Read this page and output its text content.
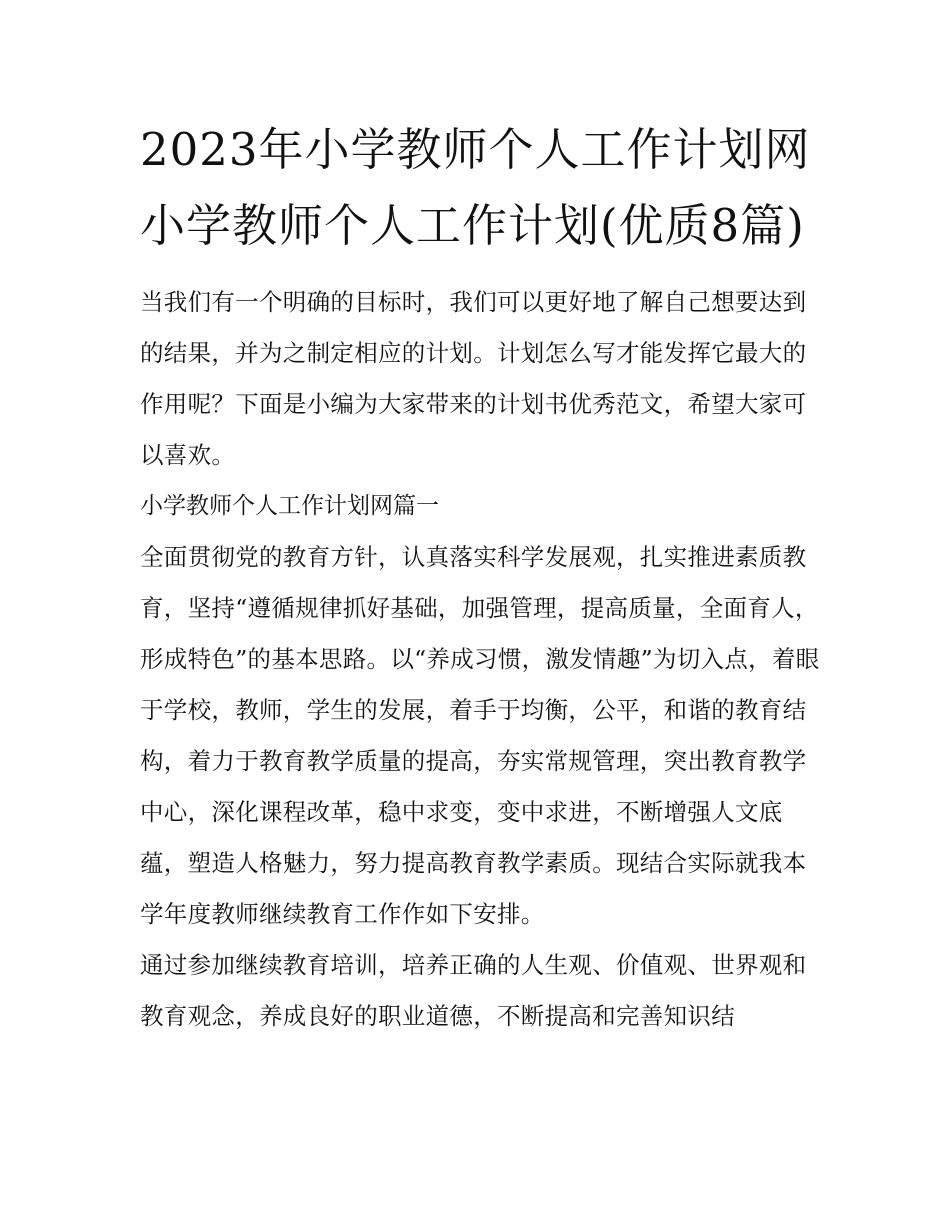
2023年小学教师个人工作计划网 小学教师个人工作计划(优质8篇)

当我们有一个明确的目标时，我们可以更好地了解自己想要达到的结果，并为之制定相应的计划。计划怎么写才能发挥它最大的作用呢？下面是小编为大家带来的计划书优秀范文，希望大家可以喜欢。

小学教师个人工作计划网篇一

全面贯彻党的教育方针，认真落实科学发展观，扎实推进素质教育，坚持“遵循规律抓好基础，加强管理，提高质量，全面育人，形成特色”的基本思路。以“养成习惯，激发情趣”为切入点，着眼于学校，教师，学生的发展，着手于均衡，公平，和谐的教育结构，着力于教育教学质量的提高，夯实常规管理，突出教育教学中心，深化课程改革，稳中求变，变中求进，不断增强人文底蕴，塑造人格魅力，努力提高教育教学素质。现结合实际就我本学年度教师继续教育工作作如下安排。

通过参加继续教育培训，培养正确的人生观、价值观、世界观和教育观念，养成良好的职业道德，不断提高和完善知识结
